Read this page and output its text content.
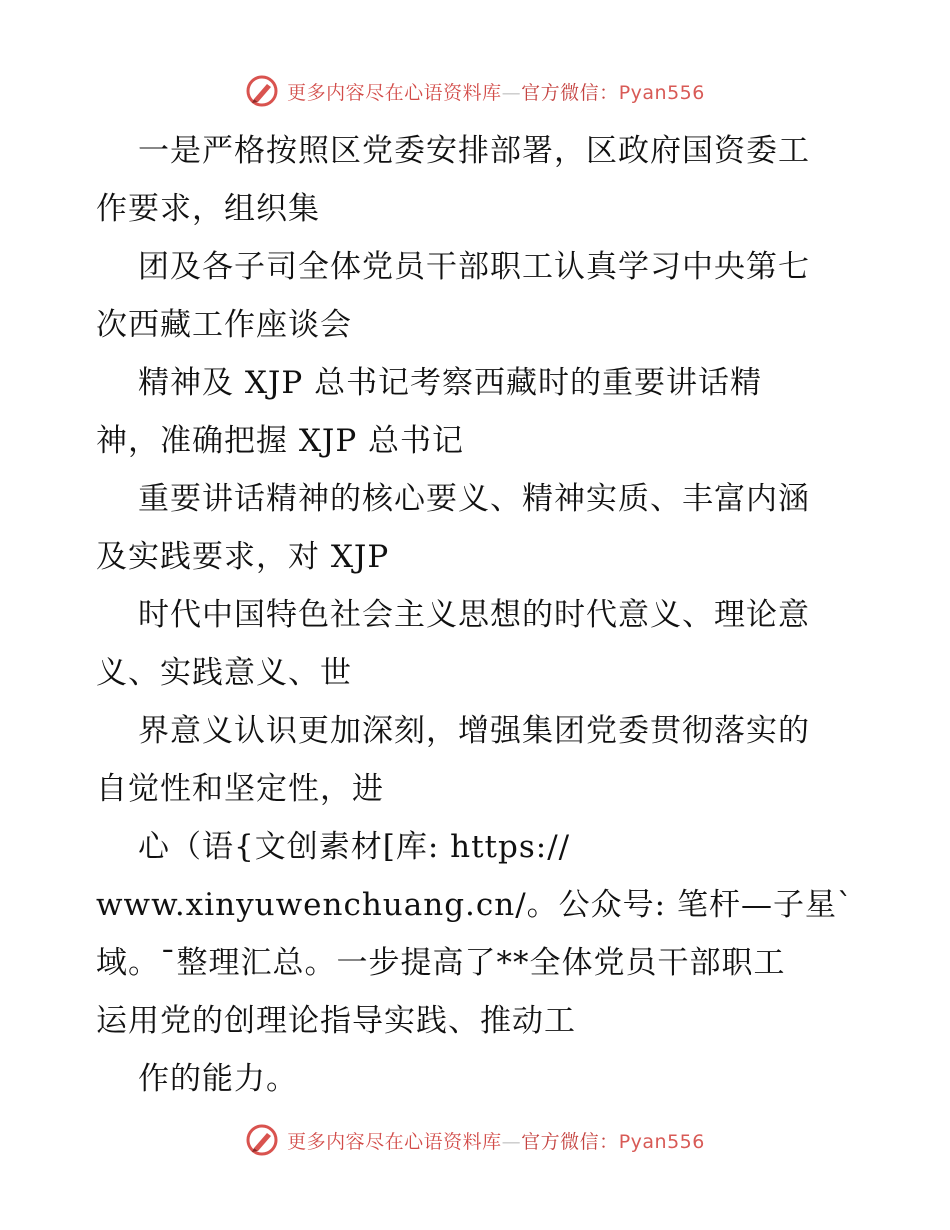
更多内容尽在心语资料库—官方微信：Pyan556
一是严格按照区党委安排部署，区政府国资委工
作要求，组织集
团及各子司全体党员干部职工认真学习中央第七
次西藏工作座谈会
精神及 XJP 总书记考察西藏时的重要讲话精
神，准确把握 XJP 总书记
重要讲话精神的核心要义、精神实质、丰富内涵
及实践要求，对 XJP
时代中国特色社会主义思想的时代意义、理论意
义、实践意义、世
界意义认识更加深刻，增强集团党委贯彻落实的
自觉性和坚定性，进
心（语{文创素材[库: https://
www.xinyuwenchuang.cn/。公众号: 笔杆—子星`
域。¯整理汇总。一步提高了**全体党员干部职工
运用党的创理论指导实践、推动工
作的能力。
更多内容尽在心语资料库—官方微信：Pyan556
